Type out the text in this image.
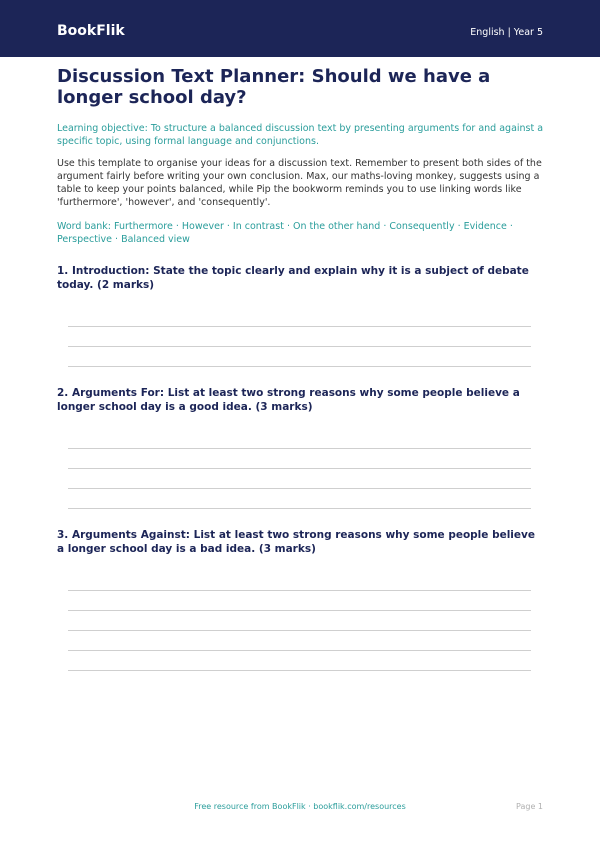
BookFlik	English | Year 5
Discussion Text Planner: Should we have a longer school day?

Learning objective: To structure a balanced discussion text by presenting arguments for and against a specific topic, using formal language and conjunctions.

Use this template to organise your ideas for a discussion text. Remember to present both sides of the argument fairly before writing your own conclusion. Max, our maths-loving monkey, suggests using a table to keep your points balanced, while Pip the bookworm reminds you to use linking words like 'furthermore', 'however', and 'consequently'.

Word bank: Furthermore · However · In contrast · On the other hand · Consequently · Evidence · Perspective · Balanced view

1. Introduction: State the topic clearly and explain why it is a subject of debate today. (2 marks)
2. Arguments For: List at least two strong reasons why some people believe a longer school day is a good idea. (3 marks)
3. Arguments Against: List at least two strong reasons why some people believe a longer school day is a bad idea. (3 marks)
Free resource from BookFlik · bookflik.com/resources	Page 1
